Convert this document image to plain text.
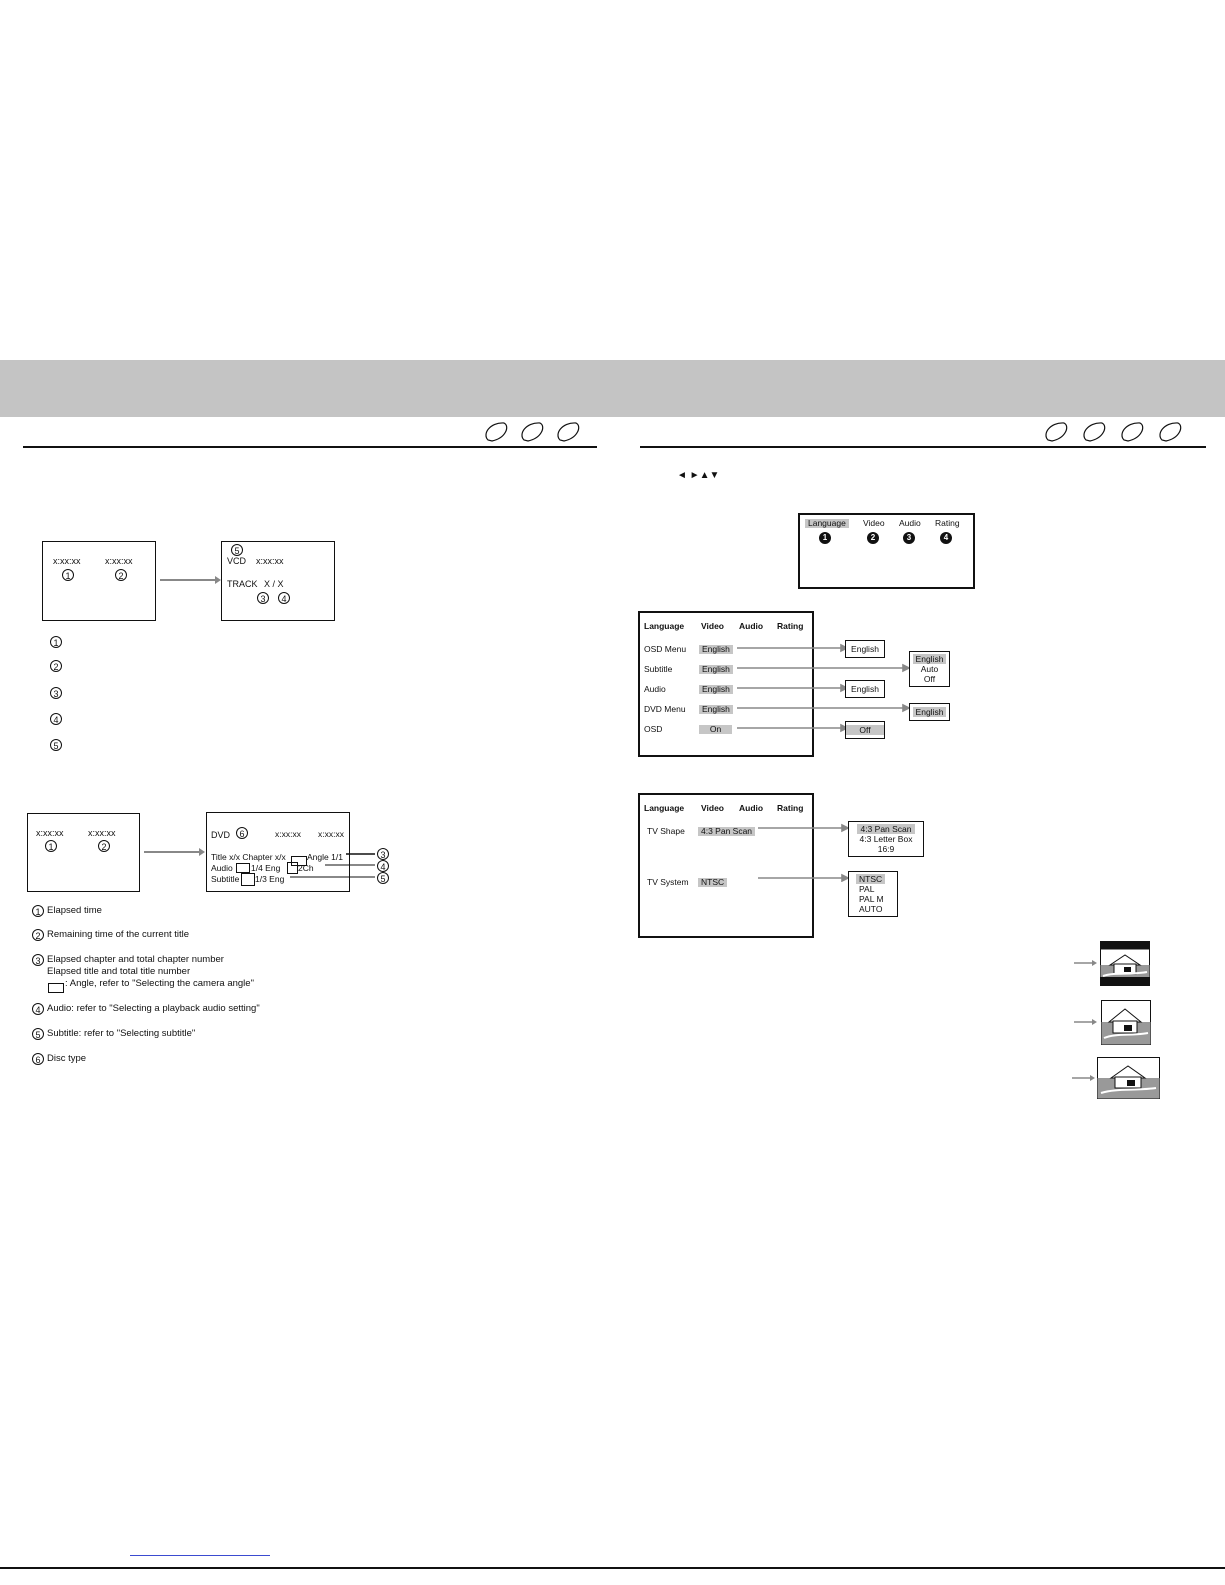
x:xx:xx	x:xx:xx
1	2
5
VCD x:xx:xx
TRACK X / X
3	4
1
2
3
4
5
x:xx:xx	x:xx:xx
1	2
DVD	6	x:xx:xx x:xx:xx
Title x/x Chapter x/x Angle 1/1
Audio 1/4 Eng 2Ch
Subtitle 1/3 Eng
3
4
5
1 Elapsed time
2 Remaining time of the current title
3 Elapsed chapter and total chapter number
Elapsed title and total title number
: Angle, refer to "Selecting the camera angle"
4 Audio: refer to "Selecting a playback audio setting"
5 Subtitle: refer to "Selecting subtitle"
6 Disc type
◄ ►▲▼
Language	Video Audio Rating
1	2	3	4
Language Video Audio Rating
OSD Menu	English
Subtitle	English
Audio	English
DVD Menu	English
OSD	On
English
English
Auto
Off
English
English
Off
Language Video Audio Rating
TV Shape	4:3 Pan Scan
TV System	NTSC
4:3 Pan Scan
4:3 Letter Box
16:9
NTSC
PAL
PAL M
AUTO
